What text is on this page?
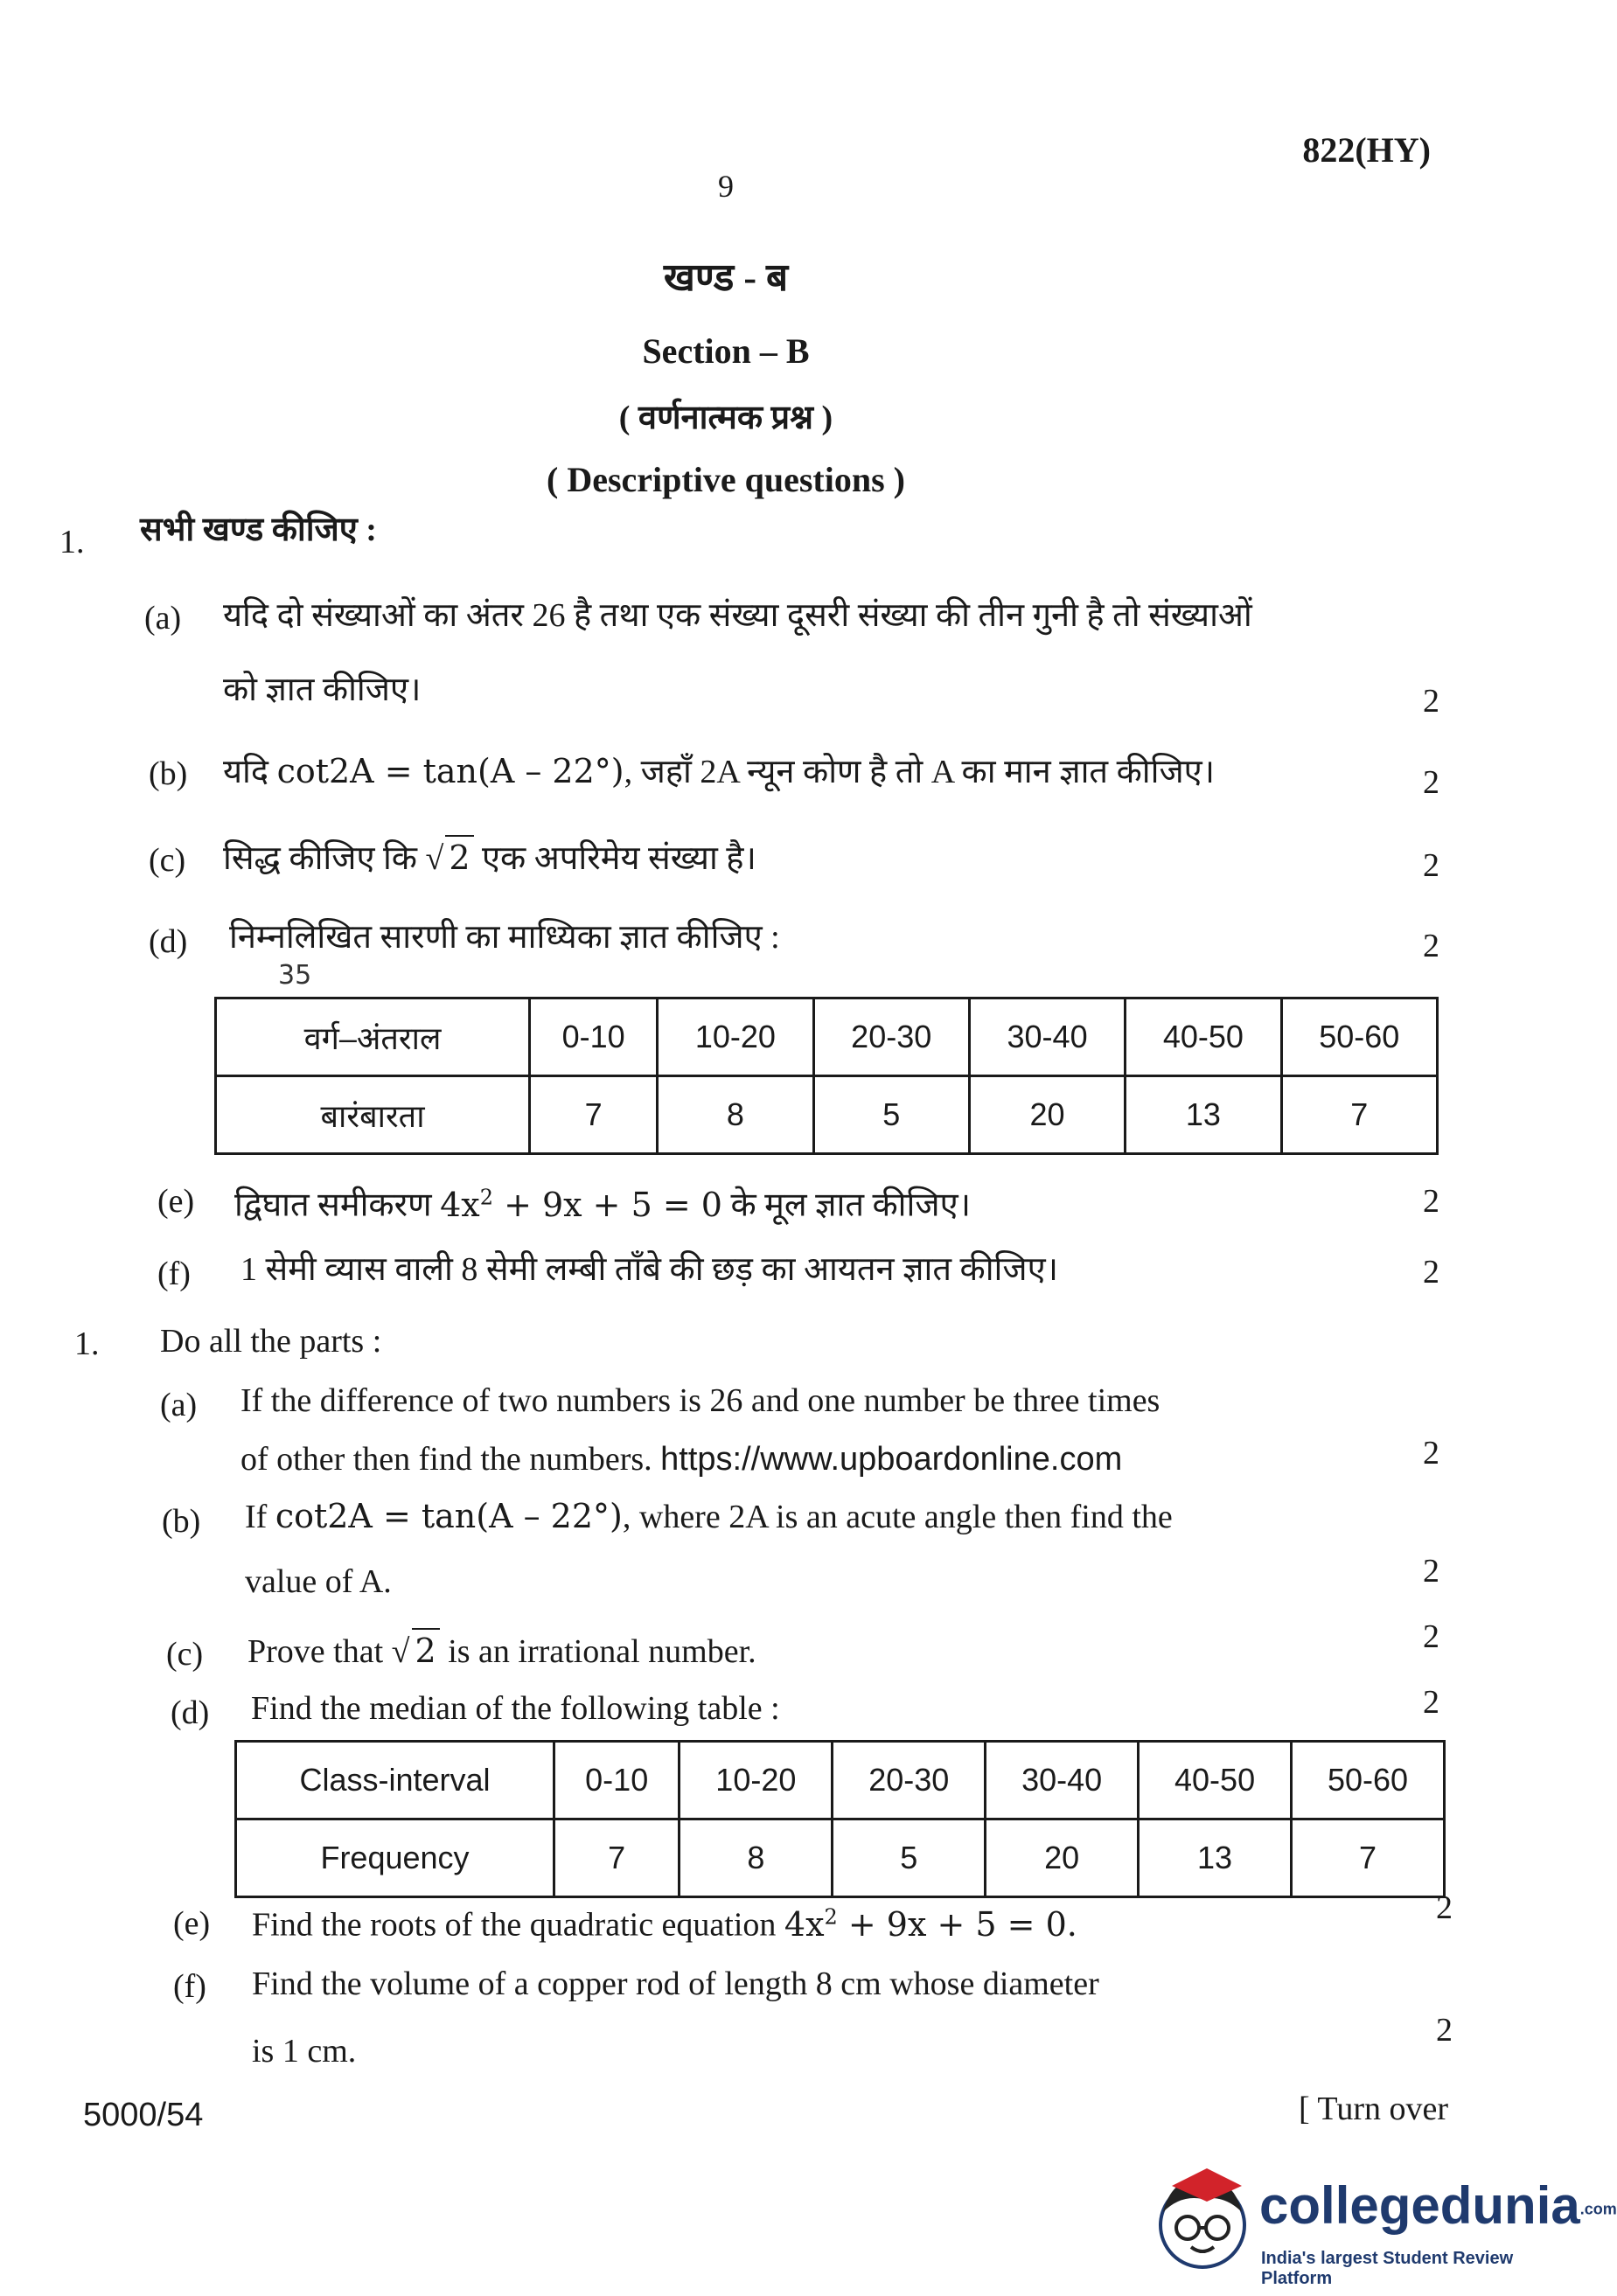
822(HY)
9
खण्ड - ब
Section – B
( वर्णनात्मक प्रश्न )
( Descriptive questions )
1. सभी खण्ड कीजिए :
(a) यदि दो संख्याओं का अंतर 26 है तथा एक संख्या दूसरी संख्या की तीन गुनी है तो संख्याओं
को ज्ञात कीजिए।	2
(b) यदि cot2A = tan(A – 22°), जहाँ 2A न्यून कोण है तो A का मान ज्ञात कीजिए।	2
(c) सिद्ध कीजिए कि √ 2 एक अपरिमेय संख्या है।	2
(d) निम्नलिखित सारणी का माध्यिका ज्ञात कीजिए :	2
35
वर्ग–अंतराल	0-10	10-20	20-30	30-40	40-50	50-60
बारंबारता	7	8	5	20	13	7
(e) द्विघात समीकरण $4x^2 + 9x + 5 = 0$ के मूल ज्ञात कीजिए।	2
(f) 1 सेमी व्यास वाली 8 सेमी लम्बी ताँबे की छड़ का आयतन ज्ञात कीजिए।	2
1. Do all the parts :
(a) If the difference of two numbers is 26 and one number be three times
of other then find the numbers. https://www.upboardonline.com	2
(b) If cot2A = tan(A – 22°), where 2A is an acute angle then find the
value of A.	2
(c) Prove that √ 2 is an irrational number.	2
(d) Find the median of the following table :	2
Class-interval	0-10	10-20	20-30	30-40	40-50	50-60
Frequency	7	8	5	20	13	7
(e) Find the roots of the quadratic equation $4x^2 + 9x + 5 = 0$.	2
(f) Find the volume of a copper rod of length 8 cm whose diameter
is 1 cm.
2
5000/54	[ Turn over
collegedunia.com
India's largest Student Review Platform
